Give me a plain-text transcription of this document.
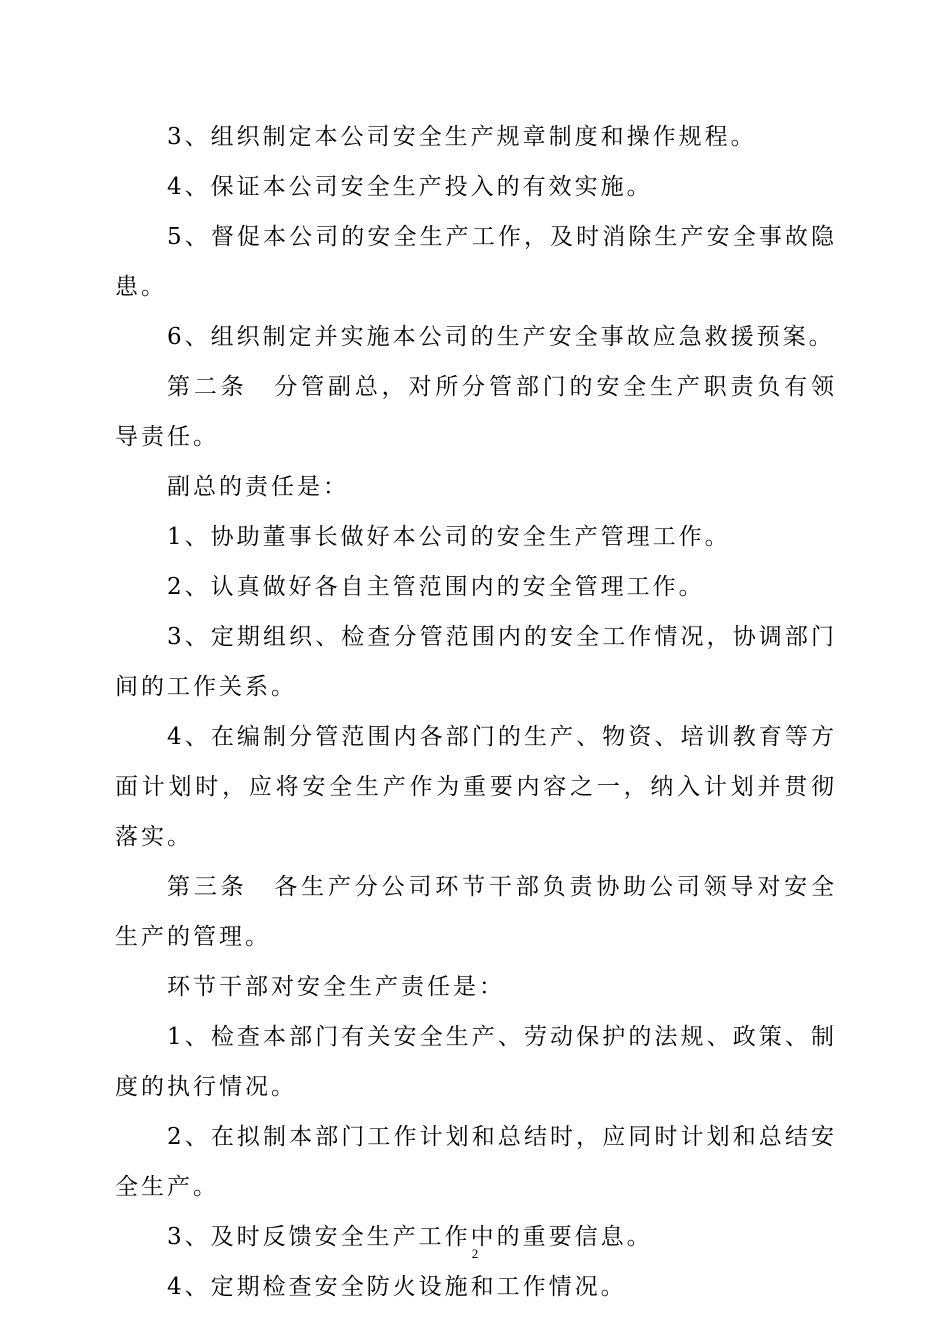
3、组织制定本公司安全生产规章制度和操作规程。

4、保证本公司安全生产投入的有效实施。

5、督促本公司的安全生产工作，及时消除生产安全事故隐患。

6、组织制定并实施本公司的生产安全事故应急救援预案。

第二条　分管副总，对所分管部门的安全生产职责负有领导责任。

副总的责任是：

1、协助董事长做好本公司的安全生产管理工作。

2、认真做好各自主管范围内的安全管理工作。

3、定期组织、检查分管范围内的安全工作情况，协调部门间的工作关系。

4、在编制分管范围内各部门的生产、物资、培训教育等方面计划时，应将安全生产作为重要内容之一，纳入计划并贯彻落实。

第三条　各生产分公司环节干部负责协助公司领导对安全生产的管理。

环节干部对安全生产责任是：

1、检查本部门有关安全生产、劳动保护的法规、政策、制度的执行情况。

2、在拟制本部门工作计划和总结时，应同时计划和总结安全生产。

3、及时反馈安全生产工作中的重要信息。

4、定期检查安全防火设施和工作情况。

2
